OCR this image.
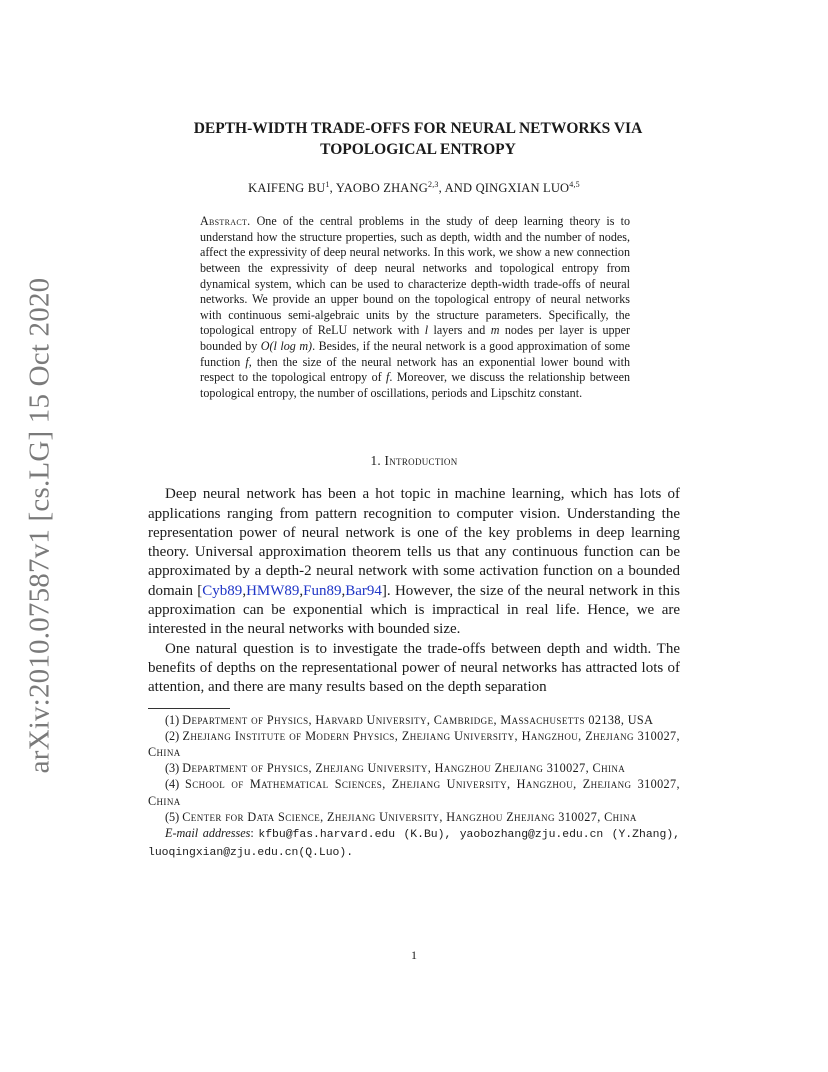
arXiv:2010.07587v1 [cs.LG] 15 Oct 2020
DEPTH-WIDTH TRADE-OFFS FOR NEURAL NETWORKS VIA
TOPOLOGICAL ENTROPY
KAIFENG $BU^1$, YAOBO ZHANG$^{2,3}$, AND QINGXIAN LUO$^{4,5}$
Abstract. One of the central problems in the study of deep learning theory is to understand how the structure properties, such as depth, width and the number of nodes, affect the expressivity of deep neural networks. In this work, we show a new connection between the expressivity of deep neural networks and topological entropy from dynamical system, which can be used to characterize depth-width trade-offs of neural networks. We provide an upper bound on the topological entropy of neural networks with continuous semi-algebraic units by the structure parameters. Specifically, the topological entropy of ReLU network with l layers and m nodes per layer is upper bounded by O(l log m). Besides, if the neural network is a good approximation of some function f, then the size of the neural network has an exponential lower bound with respect to the topological entropy of f. Moreover, we discuss the relationship between topological entropy, the number of oscillations, periods and Lipschitz constant.
1. Introduction

Deep neural network has been a hot topic in machine learning, which has lots of applications ranging from pattern recognition to computer vision. Understanding the representation power of neural network is one of the key problems in deep learning theory. Universal approximation theorem tells us that any continuous function can be approximated by a depth-2 neural network with some activation function on a bounded domain [Cyb89,HMW89,Fun89,Bar94]. However, the size of the neural network in this approximation can be exponential which is impractical in real life. Hence, we are interested in the neural networks with bounded size.

One natural question is to investigate the trade-offs between depth and width. The benefits of depths on the representational power of neural networks has attracted lots of attention, and there are many results based on the depth separation

(1) Department of Physics, Harvard University, Cambridge, Massachusetts 02138, USA

(2) Zhejiang Institute of Modern Physics, Zhejiang University, Hangzhou, Zhejiang 310027, China

(3) Department of Physics, Zhejiang University, Hangzhou Zhejiang 310027, China

(4) School of Mathematical Sciences, Zhejiang University, Hangzhou, Zhejiang 310027, China

(5) Center for Data Science, Zhejiang University, Hangzhou Zhejiang 310027, China

E-mail addresses: kfbu@fas.harvard.edu (K.Bu), yaobozhang@zju.edu.cn (Y.Zhang), luoqingxian@zju.edu.cn(Q.Luo).

1
